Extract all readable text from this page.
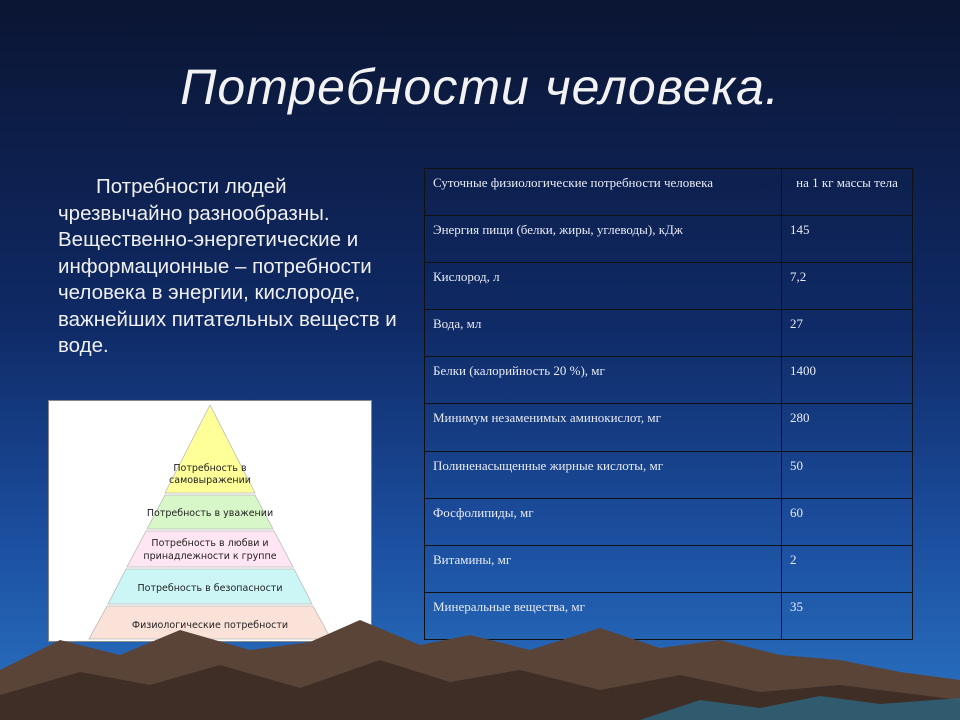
Потребности человека.
Потребности людей чрезвычайно разнообразны. Вещественно-энергетические и информационные – потребности человека в энергии, кислороде, важнейших питательных веществ и воде.
Потребность в
самовыражении
Потребность в уважении
Потребность в любви и
принадлежности к группе
Потребность в безопасности
Физиологические потребности
Суточные физиологические потребности человека	на 1 кг массы тела
Энергия пищи (белки, жиры, углеводы), кДж	145
Кислород, л	7,2
Вода, мл	27
Белки (калорийность 20 %), мг	1400
Минимум незаменимых аминокислот, мг	280
Полиненасыщенные жирные кислоты, мг	50
Фосфолипиды, мг	60
Витамины, мг	2
Минеральные вещества, мг	35
